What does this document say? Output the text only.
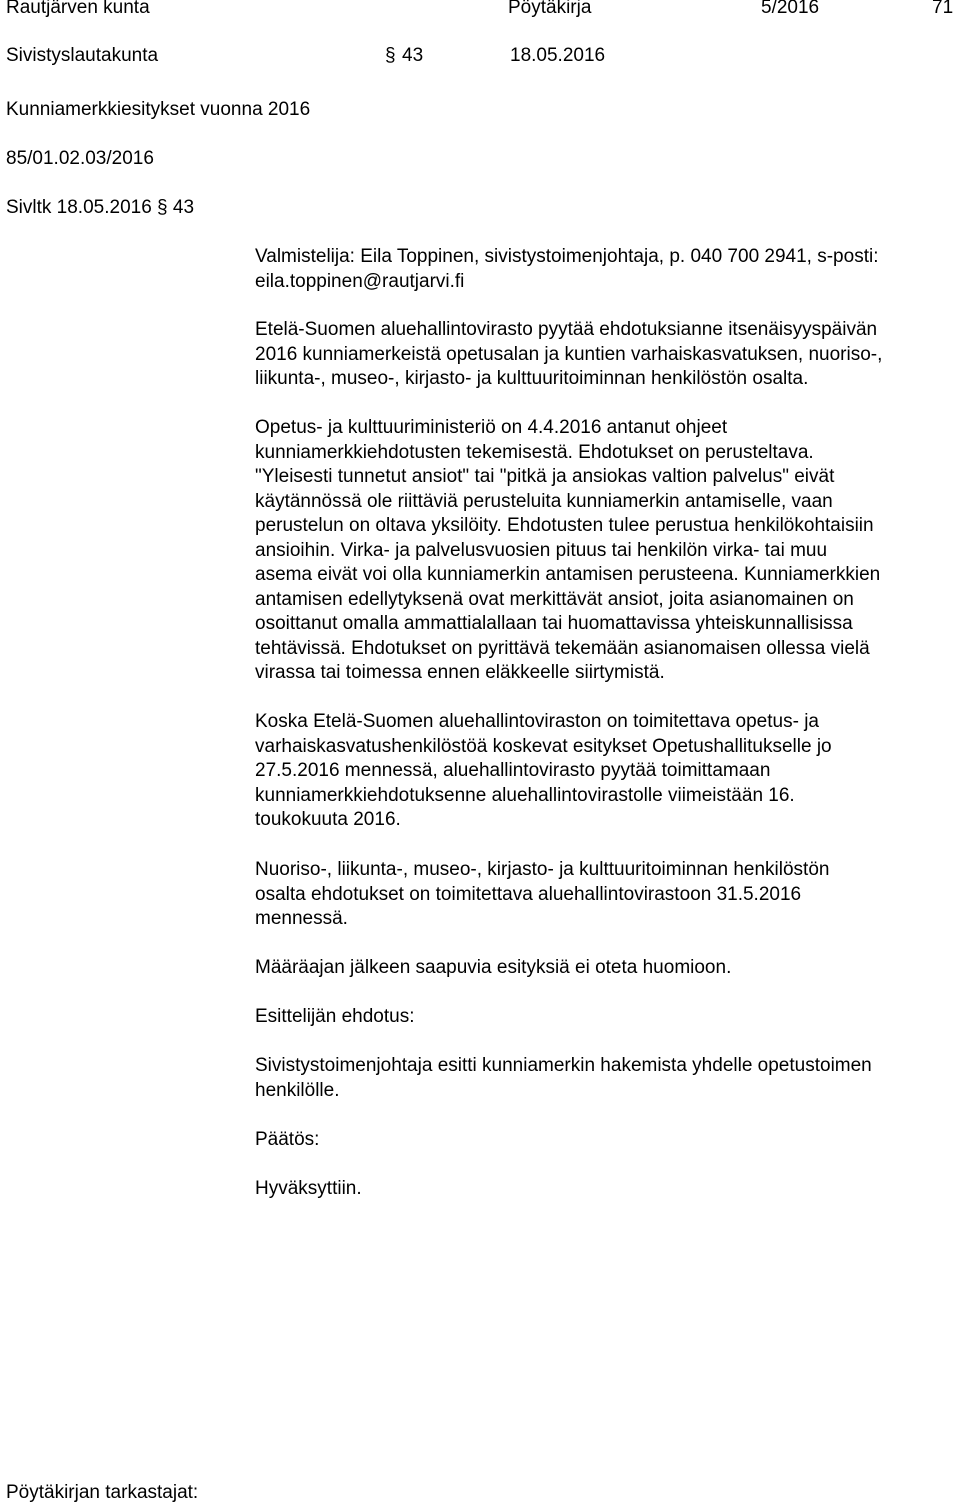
Rautjärven kunta	Pöytäkirja	5/2016	71
Sivistyslautakunta	§ 43	18.05.2016
Kunniamerkkiesitykset vuonna 2016
85/01.02.03/2016
Sivltk 18.05.2016 § 43
Valmistelija: Eila Toppinen, sivistystoimenjohtaja, p. 040 700 2941, s-posti:
eila.toppinen@rautjarvi.fi
Etelä-Suomen aluehallintovirasto pyytää ehdotuksianne itsenäisyyspäivän
2016 kunniamerkeistä opetusalan ja kuntien varhaiskasvatuksen, nuoriso-,
liikunta-, museo-, kirjasto- ja kulttuuritoiminnan henkilöstön osalta.
Opetus- ja kulttuuriministeriö on 4.4.2016 antanut ohjeet
kunniamerkkiehdotusten tekemisestä. Ehdotukset on perusteltava.
"Yleisesti tunnetut ansiot" tai "pitkä ja ansiokas valtion palvelus" eivät
käytännössä ole riittäviä perusteluita kunniamerkin antamiselle, vaan
perustelun on oltava yksilöity. Ehdotusten tulee perustua henkilökohtaisiin
ansioihin. Virka- ja palvelusvuosien pituus tai henkilön virka- tai muu
asema eivät voi olla kunniamerkin antamisen perusteena. Kunniamerkkien
antamisen edellytyksenä ovat merkittävät ansiot, joita asianomainen on
osoittanut omalla ammattialallaan tai huomattavissa yhteiskunnallisissa
tehtävissä. Ehdotukset on pyrittävä tekemään asianomaisen ollessa vielä
virassa tai toimessa ennen eläkkeelle siirtymistä.
Koska Etelä-Suomen aluehallintoviraston on toimitettava opetus- ja
varhaiskasvatushenkilöstöä koskevat esitykset Opetushallitukselle jo
27.5.2016 mennessä, aluehallintovirasto pyytää toimittamaan
kunniamerkkiehdotuksenne aluehallintovirastolle viimeistään 16.
toukokuuta 2016.
Nuoriso-, liikunta-, museo-, kirjasto- ja kulttuuritoiminnan henkilöstön
osalta ehdotukset on toimitettava aluehallintovirastoon 31.5.2016
mennessä.
Määräajan jälkeen saapuvia esityksiä ei oteta huomioon.
Esittelijän ehdotus:
Sivistystoimenjohtaja esitti kunniamerkin hakemista yhdelle opetustoimen
henkilölle.
Päätös:
Hyväksyttiin.
Pöytäkirjan tarkastajat:
